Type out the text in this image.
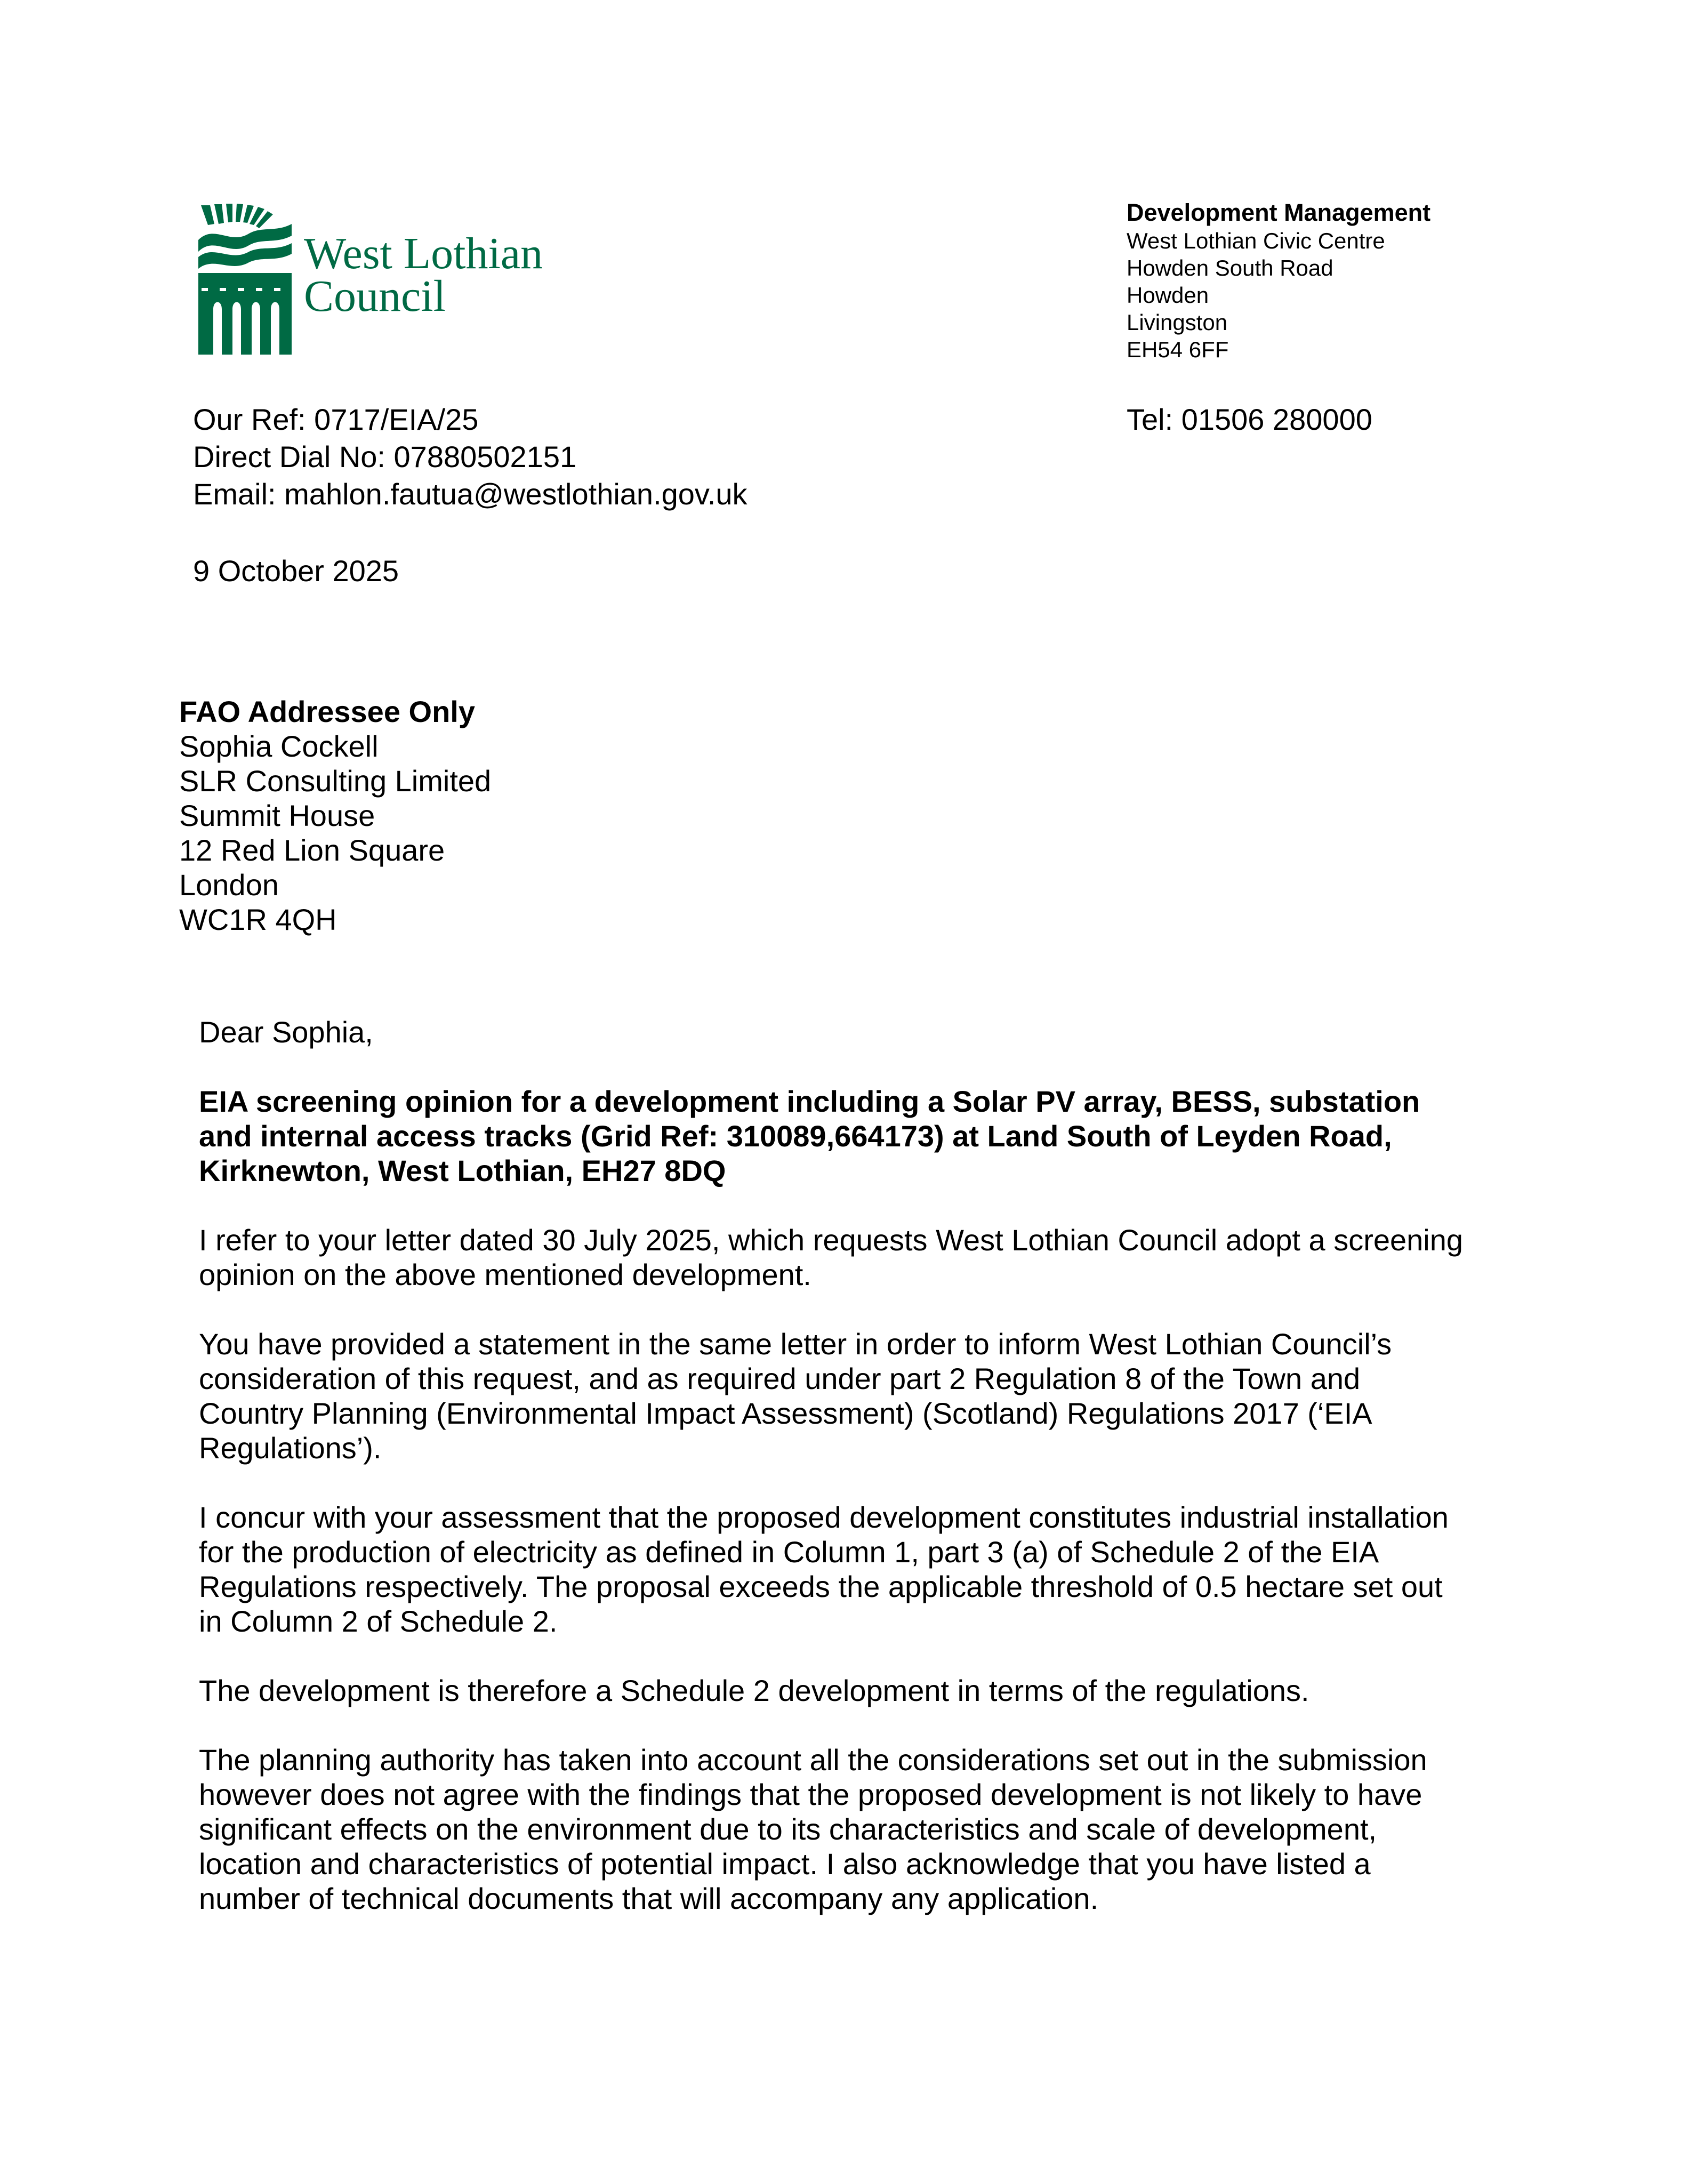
West Lothian
Council
Development Management
West Lothian Civic Centre
Howden South Road
Howden
Livingston
EH54 6FF
Tel: 01506 280000
Our Ref: 0717/EIA/25
Direct Dial No: 07880502151
Email: mahlon.fautua@westlothian.gov.uk
9 October 2025
FAO Addressee Only
Sophia Cockell
SLR Consulting Limited
Summit House
12 Red Lion Square
London
WC1R 4QH

Dear Sophia,

EIA screening opinion for a development including a Solar PV array, BESS, substation
and internal access tracks (Grid Ref: 310089,664173) at Land South of Leyden Road,
Kirknewton, West Lothian, EH27 8DQ

I refer to your letter dated 30 July 2025, which requests West Lothian Council adopt a screening
opinion on the above mentioned development.

You have provided a statement in the same letter in order to inform West Lothian Council’s
consideration of this request, and as required under part 2 Regulation 8 of the Town and
Country Planning (Environmental Impact Assessment) (Scotland) Regulations 2017 (‘EIA
Regulations’).

I concur with your assessment that the proposed development constitutes industrial installation
for the production of electricity as defined in Column 1, part 3 (a) of Schedule 2 of the EIA
Regulations respectively. The proposal exceeds the applicable threshold of 0.5 hectare set out
in Column 2 of Schedule 2.

The development is therefore a Schedule 2 development in terms of the regulations.

The planning authority has taken into account all the considerations set out in the submission
however does not agree with the findings that the proposed development is not likely to have
significant effects on the environment due to its characteristics and scale of development,
location and characteristics of potential impact. I also acknowledge that you have listed a
number of technical documents that will accompany any application.
